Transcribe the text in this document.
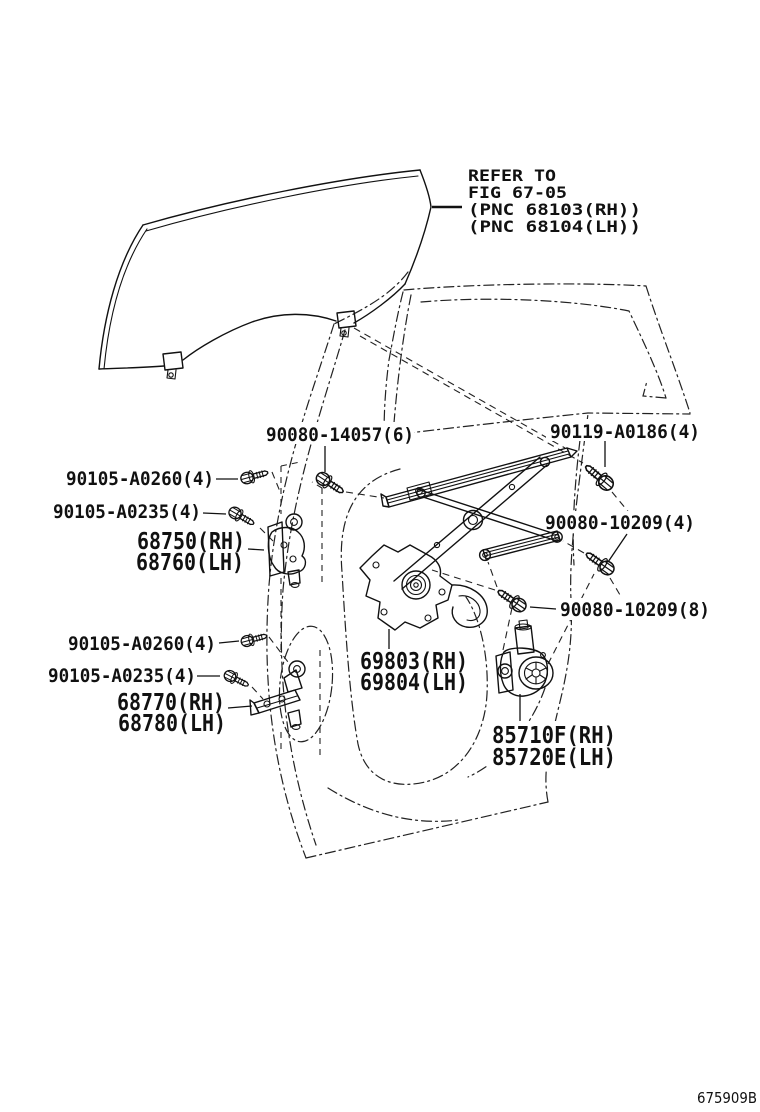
REFER TO
FIG 67-05
(PNC 68103(RH))
(PNC 68104(LH))
90080-14057(6)	90119-A0186(4)
90105-A0260(4)
90105-A0235(4)
68750(RH)
68760(LH)
90080-10209(4)
90080-10209(8)
90105-A0260(4)
90105-A0235(4)
68770(RH)
68780(LH)
69803(RH)
69804(LH)
85710F(RH)
85720E(LH)
675909B
